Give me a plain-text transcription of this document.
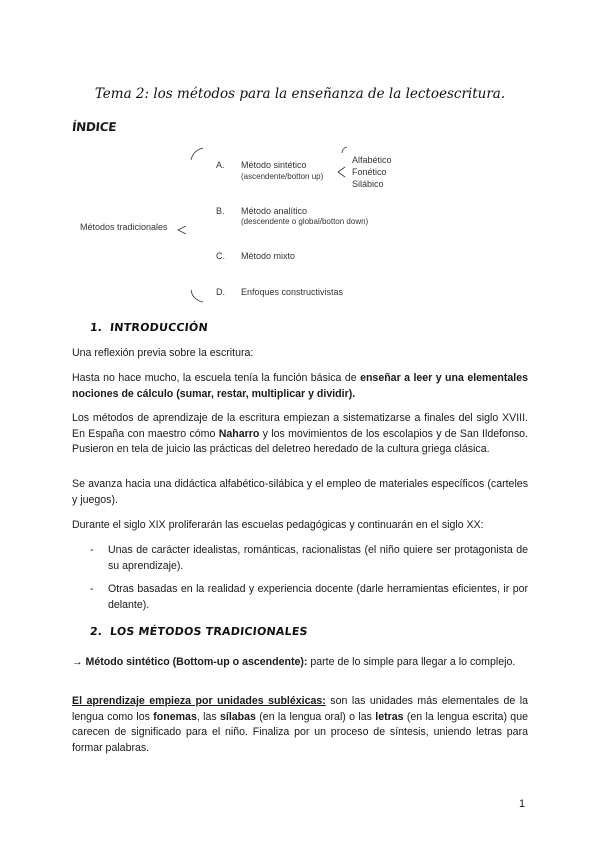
Tema 2: los métodos para la enseñanza de la lectoescritura.
ÍNDICE
Métodos tradicionales
A. Método sintético
(ascendente/botton up)
B. Método analítico
(descendente o global/botton down)
C. Método mixto
D. Enfoques constructivistas
Alfabético
Fonético
Silábico
1. INTRODUCCIÓN

Una reflexión previa sobre la escritura:

Hasta no hace mucho, la escuela tenía la función básica de enseñar a leer y una elementales nociones de cálculo (sumar, restar, multiplicar y dividir).

Los métodos de aprendizaje de la escritura empiezan a sistematizarse a finales del siglo XVIII. En España con maestro cómo Naharro y los movimientos de los escolapios y de San Ildefonso. Pusieron en tela de juicio las prácticas del deletreo heredado de la cultura griega clásica.

Se avanza hacia una didáctica alfabético-silábica y el empleo de materiales específicos (carteles y juegos).

Durante el siglo XIX proliferarán las escuelas pedagógicas y continuarán en el siglo XX:

- Unas de carácter idealistas, románticas, racionalistas (el niño quiere ser protagonista de su aprendizaje).
- Otras basadas en la realidad y experiencia docente (darle herramientas eficientes, ir por delante).
2. LOS MÉTODOS TRADICIONALES

→ Método sintético (Bottom-up o ascendente): parte de lo simple para llegar a lo complejo.

El aprendizaje empieza por unidades subléxicas: son las unidades más elementales de la lengua como los fonemas, las sílabas (en la lengua oral) o las letras (en la lengua escrita) que carecen de significado para el niño. Finaliza por un proceso de síntesis, uniendo letras para formar palabras.

1
